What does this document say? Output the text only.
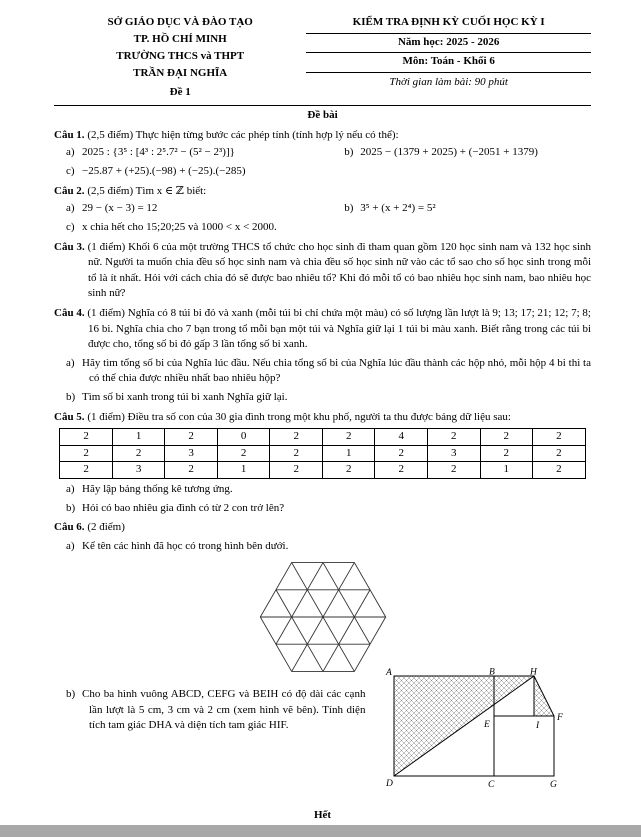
SỞ GIÁO DỤC VÀ ĐÀO TẠO
TP. HỒ CHÍ MINH
TRƯỜNG THCS và THPT
TRẦN ĐẠI NGHĨA
Đề 1
KIỂM TRA ĐỊNH KỲ CUỐI HỌC KỲ I
Năm học: 2025 - 2026
Môn: Toán - Khối 6
Thời gian làm bài: 90 phút
Đề bài

Câu 1. (2,5 điểm) Thực hiện từng bước các phép tính (tính hợp lý nếu có thể):

a) 2025 : {3⁵ : [4³ : 2⁵.7² − (5² − 2³)]}	b) 2025 − (1379 + 2025) + (−2051 + 1379)
c) −25.87 + (+25).(−98) + (−25).(−285)

Câu 2. (2,5 điểm) Tìm x ∈ ℤ biết:

a) 29 − (x − 3) = 12	b) 3⁵ + (x + 2⁴) = 5²
c) x chia hết cho 15;20;25 và 1000 < x < 2000.

Câu 3. (1 điểm) Khối 6 của một trường THCS tổ chức cho học sinh đi tham quan gồm 120 học sinh nam và 132 học sinh nữ. Người ta muốn chia đều số học sinh nam và chia đều số học sinh nữ vào các tổ sao cho số học sinh trong mỗi tổ là ít nhất. Hỏi với cách chia đó sẽ được bao nhiêu tổ? Khi đó mỗi tổ có bao nhiêu học sinh nam, bao nhiêu học sinh nữ?

Câu 4. (1 điểm) Nghĩa có 8 túi bi đỏ và xanh (mỗi túi bi chỉ chứa một màu) có số lượng lần lượt là 9; 13; 17; 21; 12; 7; 8; 16 bi. Nghĩa chia cho 7 bạn trong tổ mỗi bạn một túi và Nghĩa giữ lại 1 túi bi màu xanh. Biết rằng trong các túi bi được cho, tổng số bi đỏ gấp 3 lần tổng số bi xanh.

a) Hãy tìm tổng số bi của Nghĩa lúc đầu. Nếu chia tổng số bi của Nghĩa lúc đầu thành các hộp nhỏ, mỗi hộp 4 bi thì ta có thể chia được nhiều nhất bao nhiêu hộp?
b) Tìm số bi xanh trong túi bi xanh Nghĩa giữ lại.

Câu 5. (1 điểm) Điều tra số con của 30 gia đình trong một khu phố, người ta thu được bảng dữ liệu sau:

2	1	2	0	2	2	4	2	2	2
2	2	3	2	2	1	2	3	2	2
2	3	2	1	2	2	2	2	1	2
a) Hãy lập bảng thống kê tương ứng.
b) Hỏi có bao nhiêu gia đình có từ 2 con trở lên?

Câu 6. (2 điểm)

a) Kể tên các hình đã học có trong hình bên dưới.
b) Cho ba hình vuông ABCD, CEFG và BEIH có độ dài các cạnh lần lượt là 5 cm, 3 cm và 2 cm (xem hình vẽ bên). Tính diện tích tam giác DHA và diện tích tam giác HIF.
A	B	H
F
E	I
D	C	G
Hết
